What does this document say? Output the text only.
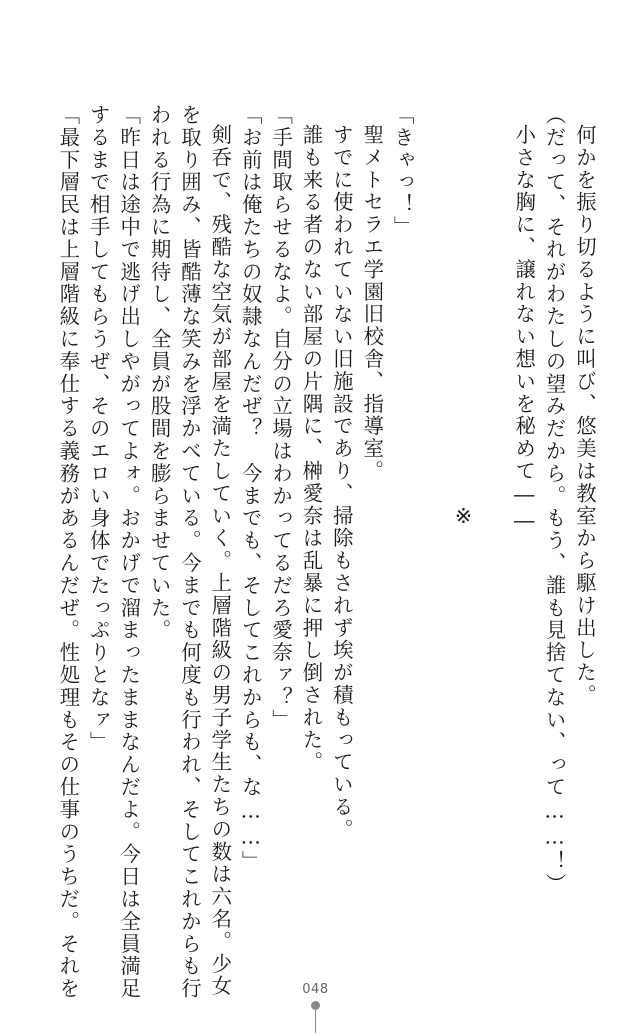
何かを振り切るように叫び、悠美は教室から駆け出した。
（だって、それがわたしの望みだから。もう、誰も見捨てない、って……！）
小さな胸に、譲れない想いを秘めて――
※
「きゃっ！」
聖メトセラエ学園旧校舎、指導室。
すでに使われていない旧施設であり、掃除もされず埃が積もっている。
誰も来る者のない部屋の片隅に、榊愛奈は乱暴に押し倒された。
「手間取らせるなよ。自分の立場はわかってるだろ愛奈ァ？」
「お前は俺たちの奴隷なんだぜ？　今までも、そしてこれからも、な……」
剣呑で、残酷な空気が部屋を満たしていく。上層階級の男子学生たちの数は六名。少女
を取り囲み、皆酷薄な笑みを浮かべている。今までも何度も行われ、そしてこれからも行
われる行為に期待し、全員が股間を膨らませていた。
「昨日は途中で逃げ出しやがってよォ。おかげで溜まったままなんだよ。今日は全員満足
するまで相手してもらうぜ、そのエロい身体でたっぷりとなァ」
「最下層民は上層階級に奉仕する義務があるんだぜ。性処理もその仕事のうちだ。それを	048
